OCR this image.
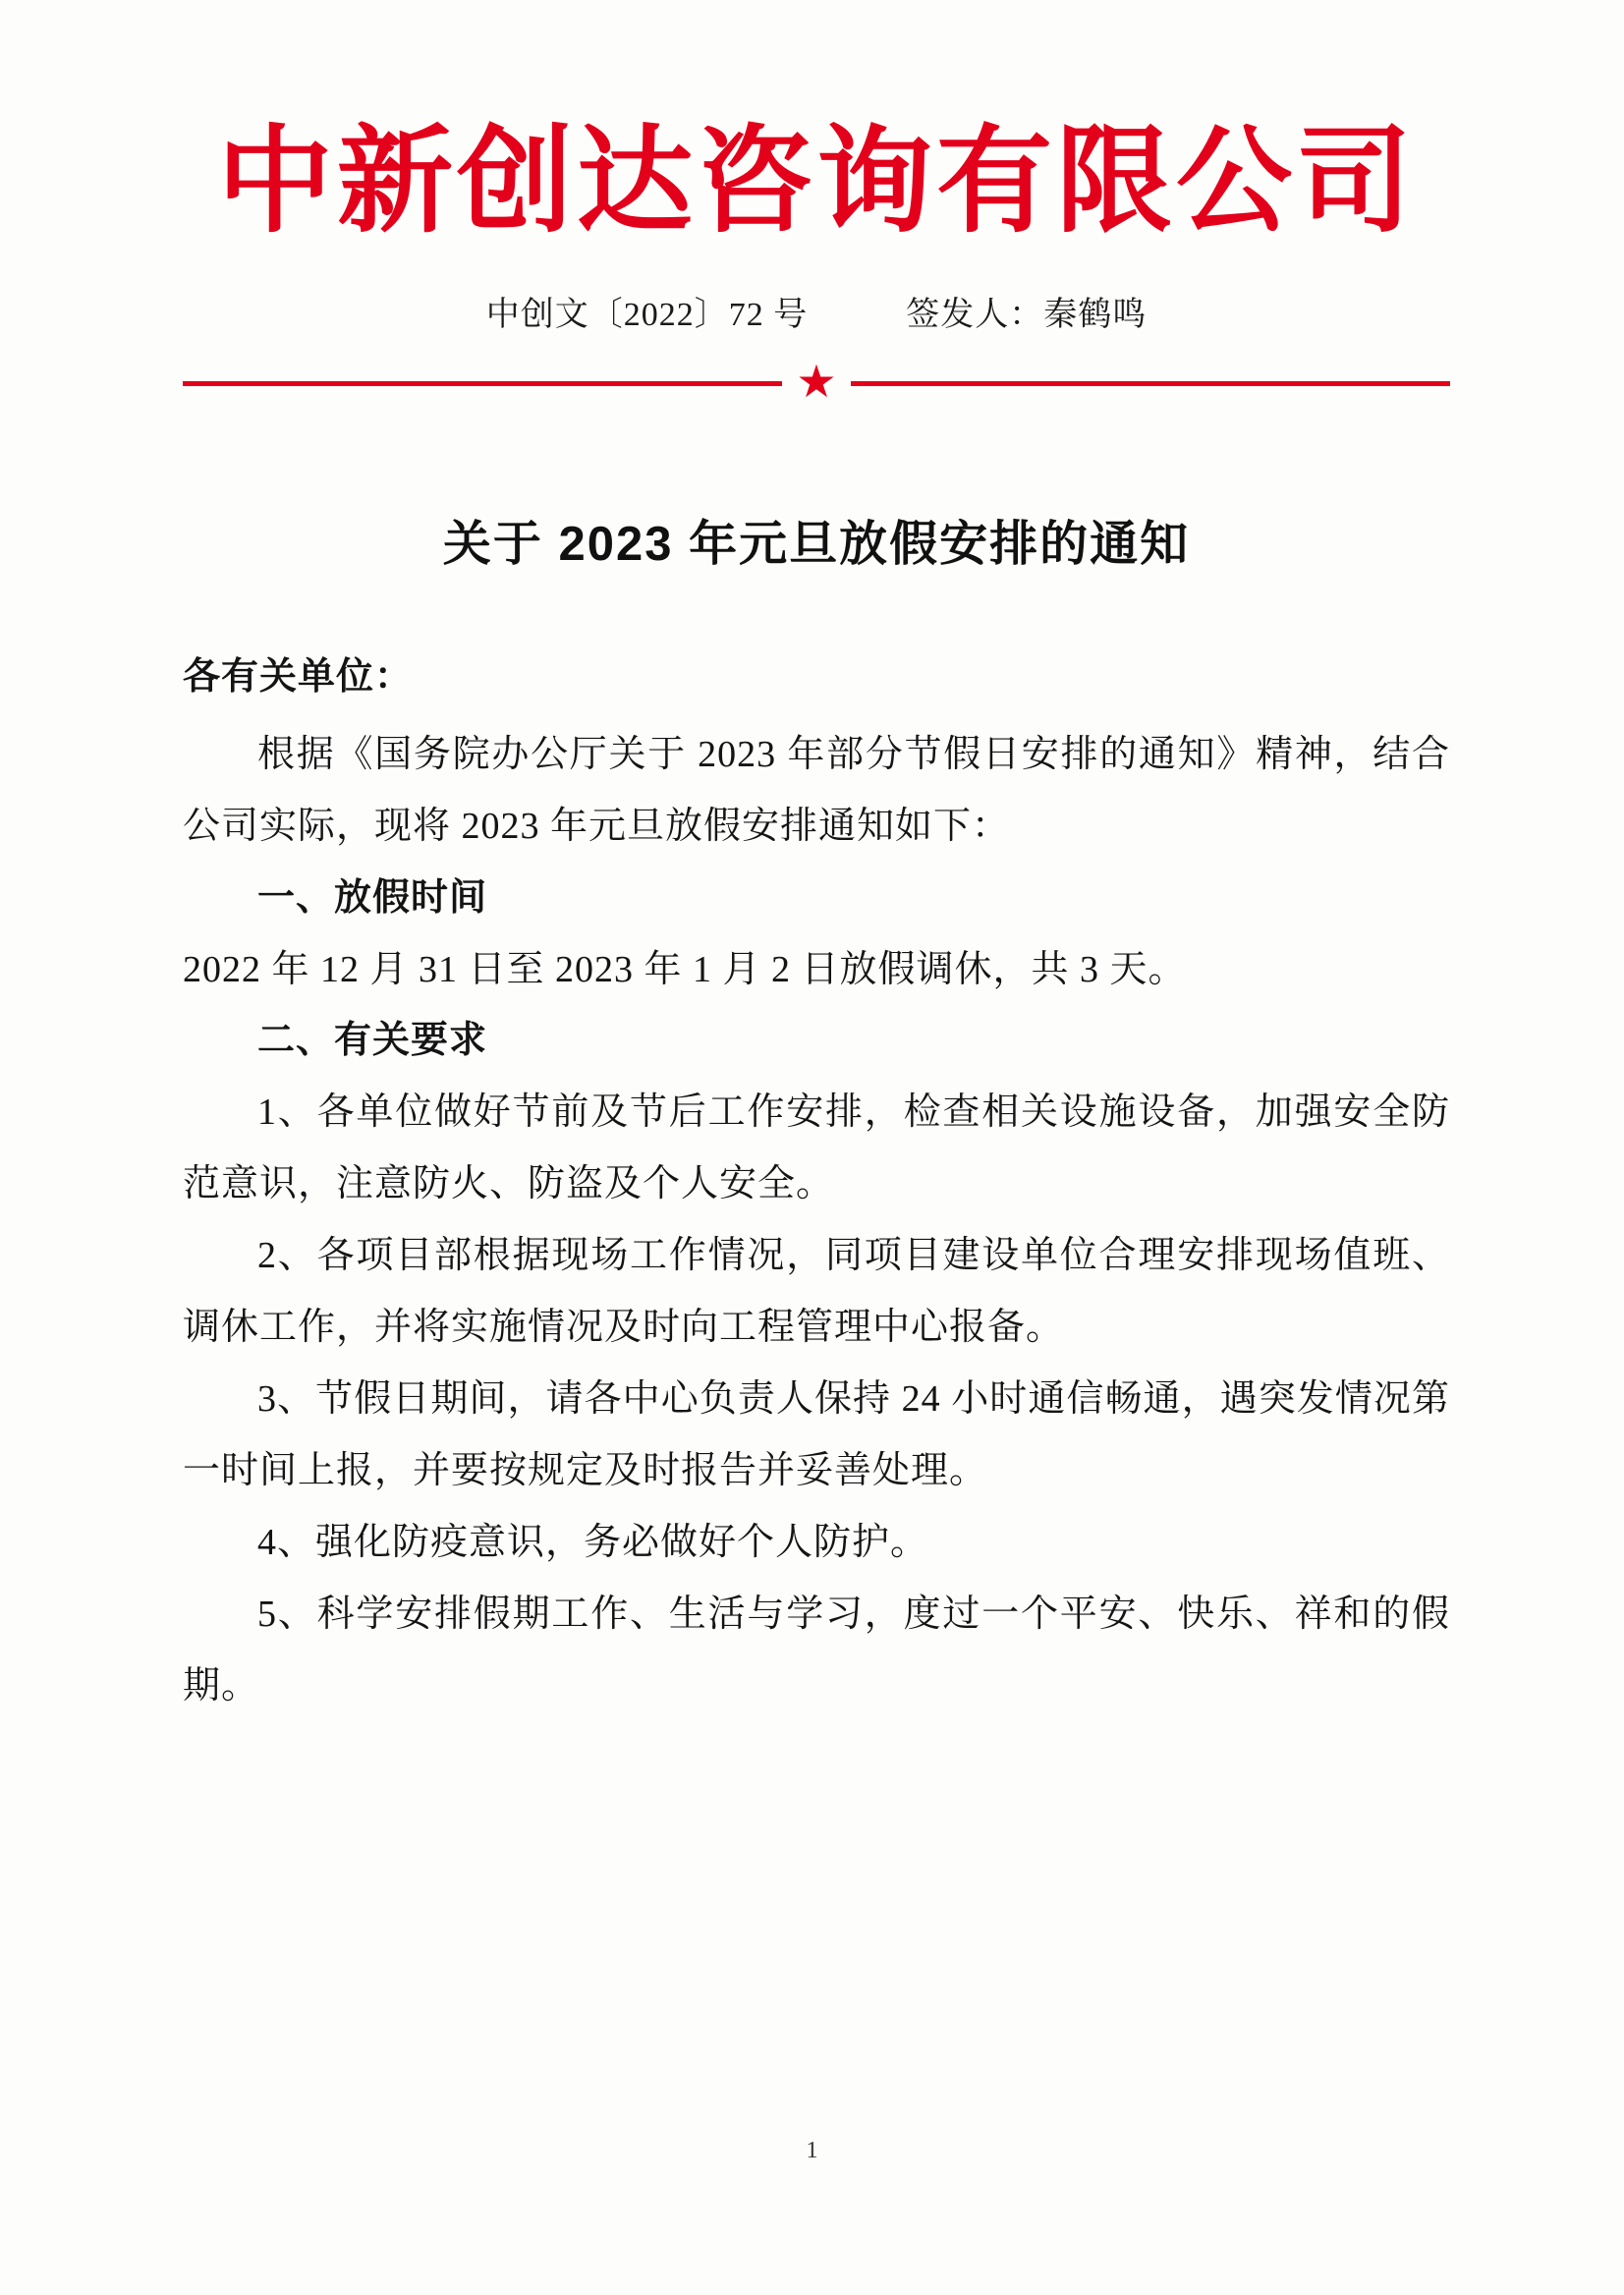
中新创达咨询有限公司
中创文〔2022〕72 号	签发人：秦鹤鸣
★
关于 2023 年元旦放假安排的通知

各有关单位：

根据《国务院办公厅关于 2023 年部分节假日安排的通知》精神，结合公司实际，现将 2023 年元旦放假安排通知如下：

一、放假时间

2022 年 12 月 31 日至 2023 年 1 月 2 日放假调休，共 3 天。

二、有关要求

1、各单位做好节前及节后工作安排，检查相关设施设备，加强安全防范意识，注意防火、防盗及个人安全。

2、各项目部根据现场工作情况，同项目建设单位合理安排现场值班、调休工作，并将实施情况及时向工程管理中心报备。

3、节假日期间，请各中心负责人保持 24 小时通信畅通，遇突发情况第一时间上报，并要按规定及时报告并妥善处理。

4、强化防疫意识，务必做好个人防护。

5、科学安排假期工作、生活与学习，度过一个平安、快乐、祥和的假期。

1
